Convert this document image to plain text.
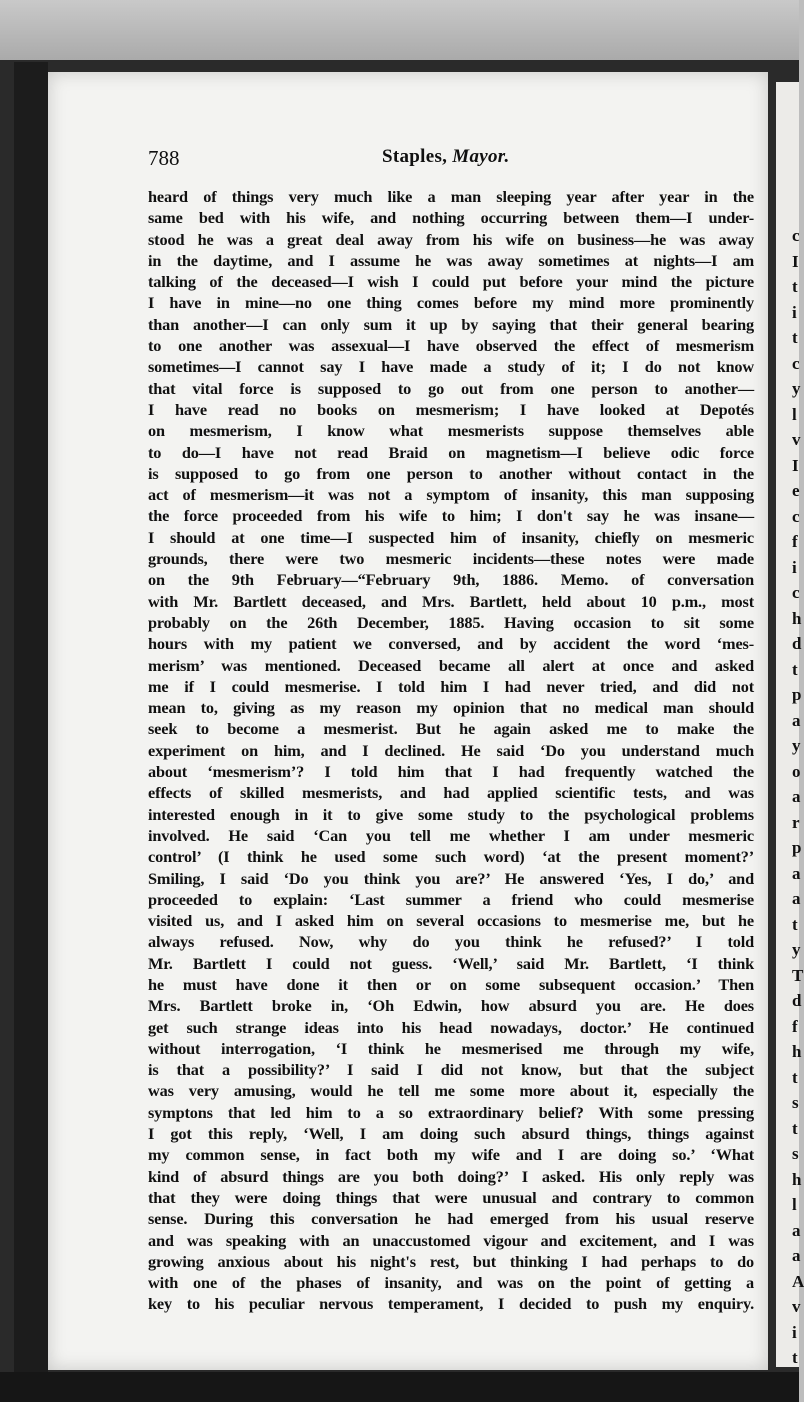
c
I
t
i
t
c
y
l
v
I
e
c
f
i
c
h
d
t
p
a
y
o
a
r
p
a
a
t
y
T
d
f
h
t
s
t
s
h
l
a
a
A
v
i
t
788	Staples, Mayor.
heard of things very much like a man sleeping year after year in the
same bed with his wife, and nothing occurring between them—I under-
stood he was a great deal away from his wife on business—he was away
in the daytime, and I assume he was away sometimes at nights—I am
talking of the deceased—I wish I could put before your mind the picture
I have in mine—no one thing comes before my mind more prominently
than another—I can only sum it up by saying that their general bearing
to one another was assexual—I have observed the effect of mesmerism
sometimes—I cannot say I have made a study of it; I do not know
that vital force is supposed to go out from one person to another—
I have read no books on mesmerism; I have looked at Depotés
on mesmerism, I know what mesmerists suppose themselves able
to do—I have not read Braid on magnetism—I believe odic force
is supposed to go from one person to another without contact in the
act of mesmerism—it was not a symptom of insanity, this man supposing
the force proceeded from his wife to him; I don't say he was insane—
I should at one time—I suspected him of insanity, chiefly on mesmeric
grounds, there were two mesmeric incidents—these notes were made
on the 9th February—“February 9th, 1886. Memo. of conversation
with Mr. Bartlett deceased, and Mrs. Bartlett, held about 10 p.m., most
probably on the 26th December, 1885. Having occasion to sit some
hours with my patient we conversed, and by accident the word ‘mes-
merism’ was mentioned. Deceased became all alert at once and asked
me if I could mesmerise. I told him I had never tried, and did not
mean to, giving as my reason my opinion that no medical man should
seek to become a mesmerist. But he again asked me to make the
experiment on him, and I declined. He said ‘Do you understand much
about ‘mesmerism’? I told him that I had frequently watched the
effects of skilled mesmerists, and had applied scientific tests, and was
interested enough in it to give some study to the psychological problems
involved. He said ‘Can you tell me whether I am under mesmeric
control’ (I think he used some such word) ‘at the present moment?’
Smiling, I said ‘Do you think you are?’ He answered ‘Yes, I do,’ and
proceeded to explain: ‘Last summer a friend who could mesmerise
visited us, and I asked him on several occasions to mesmerise me, but he
always refused. Now, why do you think he refused?’ I told
Mr. Bartlett I could not guess. ‘Well,’ said Mr. Bartlett, ‘I think
he must have done it then or on some subsequent occasion.’ Then
Mrs. Bartlett broke in, ‘Oh Edwin, how absurd you are. He does
get such strange ideas into his head nowadays, doctor.’ He continued
without interrogation, ‘I think he mesmerised me through my wife,
is that a possibility?’ I said I did not know, but that the subject
was very amusing, would he tell me some more about it, especially the
symptons that led him to a so extraordinary belief? With some pressing
I got this reply, ‘Well, I am doing such absurd things, things against
my common sense, in fact both my wife and I are doing so.’ ‘What
kind of absurd things are you both doing?’ I asked. His only reply was
that they were doing things that were unusual and contrary to common
sense. During this conversation he had emerged from his usual reserve
and was speaking with an unaccustomed vigour and excitement, and I was
growing anxious about his night's rest, but thinking I had perhaps to do
with one of the phases of insanity, and was on the point of getting a
key to his peculiar nervous temperament, I decided to push my enquiry.
